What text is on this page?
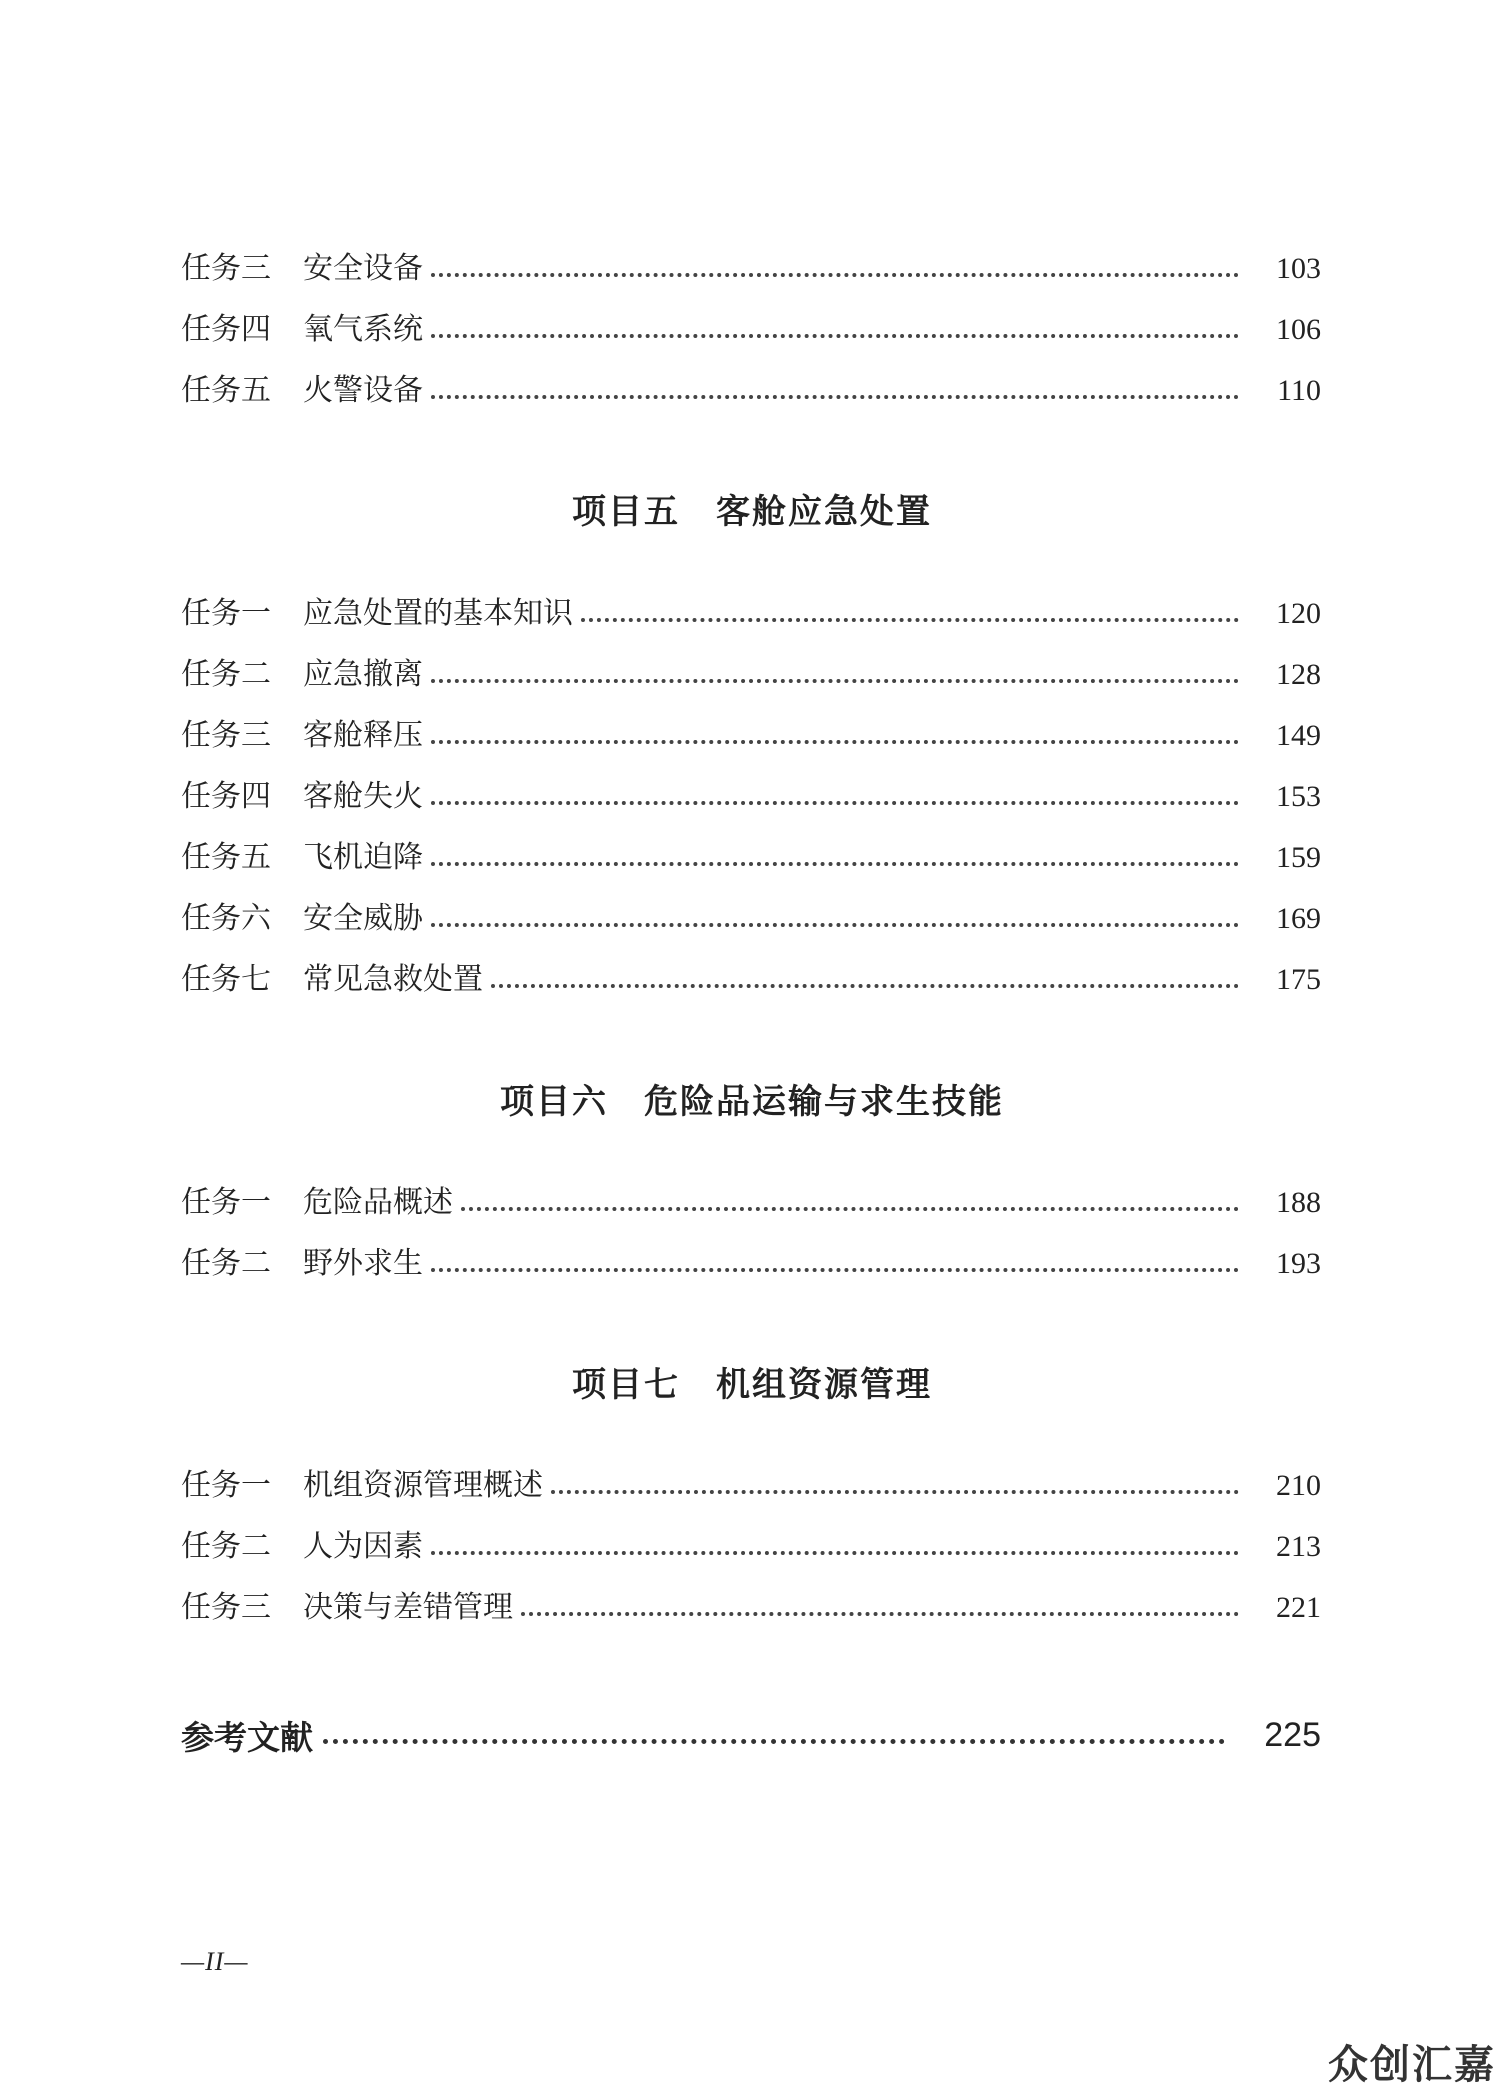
任务三	安全设备	103
任务四	氧气系统	106
任务五	火警设备	110
项目五　客舱应急处置
任务一	应急处置的基本知识	120
任务二	应急撤离	128
任务三	客舱释压	149
任务四	客舱失火	153
任务五	飞机迫降	159
任务六	安全威胁	169
任务七	常见急救处置	175
项目六　危险品运输与求生技能
任务一	危险品概述	188
任务二	野外求生	193
项目七　机组资源管理
任务一	机组资源管理概述	210
任务二	人为因素	213
任务三	决策与差错管理	221
参考文献	225
—II—
众创汇嘉
